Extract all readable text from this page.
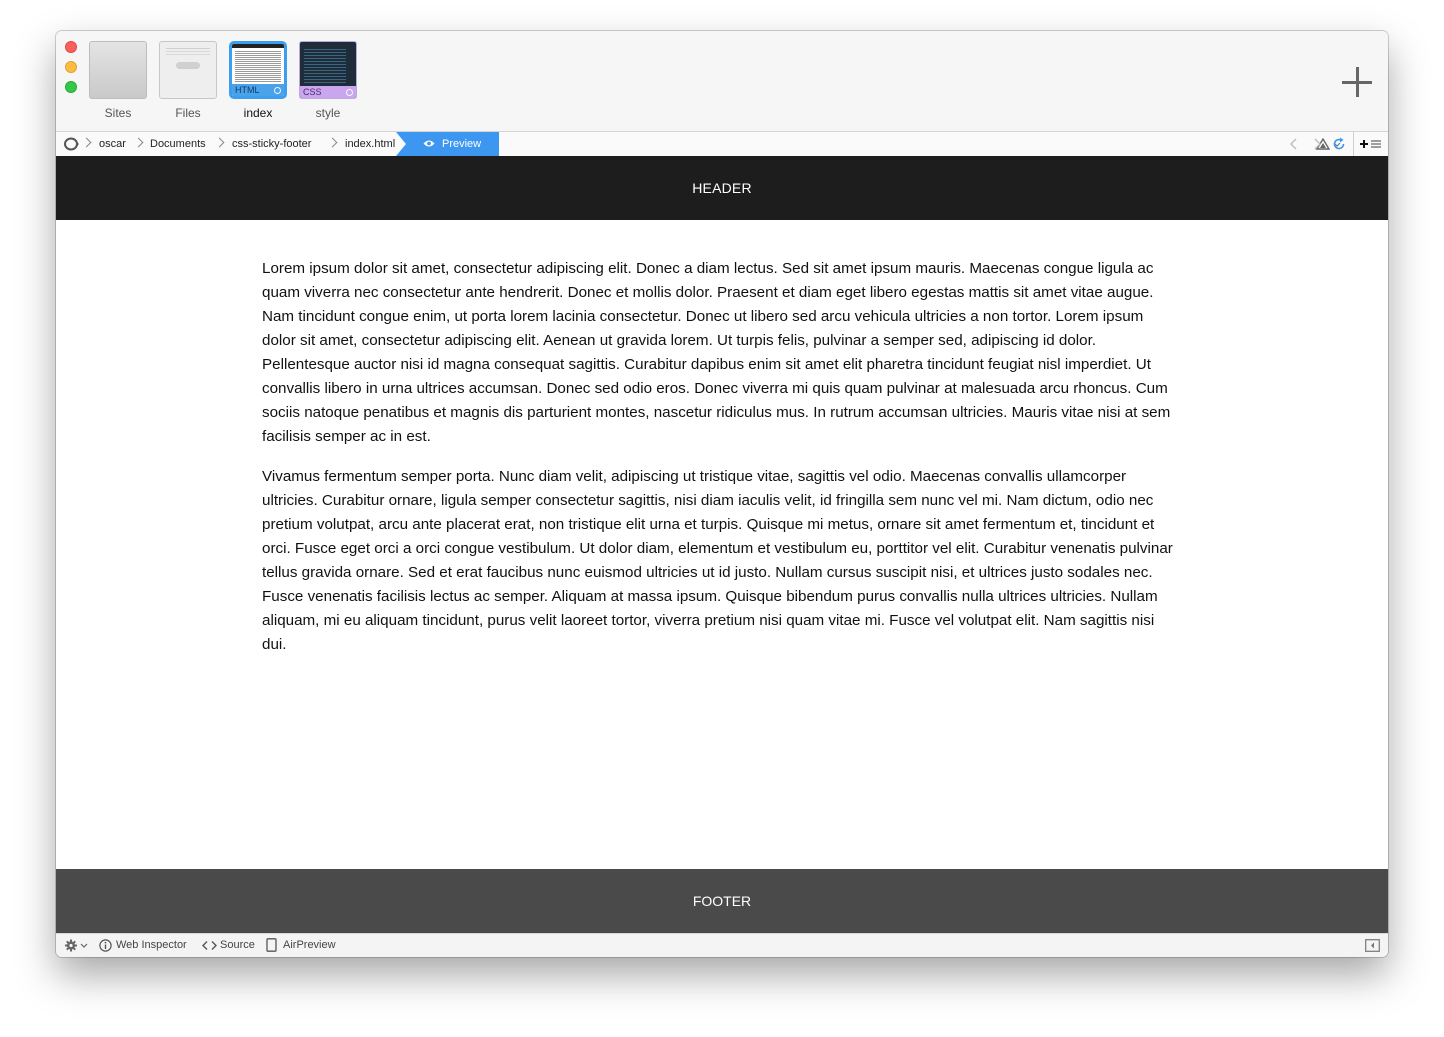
Sites	Files
HTML
index
CSS
style
oscar Documents css-sticky-footer	index.html	Preview
HEADER

Lorem ipsum dolor sit amet, consectetur adipiscing elit. Donec a diam lectus. Sed sit amet ipsum mauris. Maecenas congue ligula ac quam viverra nec consectetur ante hendrerit. Donec et mollis dolor. Praesent et diam eget libero egestas mattis sit amet vitae augue. Nam tincidunt congue enim, ut porta lorem lacinia consectetur. Donec ut libero sed arcu vehicula ultricies a non tortor. Lorem ipsum dolor sit amet, consectetur adipiscing elit. Aenean ut gravida lorem. Ut turpis felis, pulvinar a semper sed, adipiscing id dolor. Pellentesque auctor nisi id magna consequat sagittis. Curabitur dapibus enim sit amet elit pharetra tincidunt feugiat nisl imperdiet. Ut convallis libero in urna ultrices accumsan. Donec sed odio eros. Donec viverra mi quis quam pulvinar at malesuada arcu rhoncus. Cum sociis natoque penatibus et magnis dis parturient montes, nascetur ridiculus mus. In rutrum accumsan ultricies. Mauris vitae nisi at sem facilisis semper ac in est.

Vivamus fermentum semper porta. Nunc diam velit, adipiscing ut tristique vitae, sagittis vel odio. Maecenas convallis ullamcorper ultricies. Curabitur ornare, ligula semper consectetur sagittis, nisi diam iaculis velit, id fringilla sem nunc vel mi. Nam dictum, odio nec pretium volutpat, arcu ante placerat erat, non tristique elit urna et turpis. Quisque mi metus, ornare sit amet fermentum et, tincidunt et orci. Fusce eget orci a orci congue vestibulum. Ut dolor diam, elementum et vestibulum eu, porttitor vel elit. Curabitur venenatis pulvinar tellus gravida ornare. Sed et erat faucibus nunc euismod ultricies ut id justo. Nullam cursus suscipit nisi, et ultrices justo sodales nec. Fusce venenatis facilisis lectus ac semper. Aliquam at massa ipsum. Quisque bibendum purus convallis nulla ultrices ultricies. Nullam aliquam, mi eu aliquam tincidunt, purus velit laoreet tortor, viverra pretium nisi quam vitae mi. Fusce vel volutpat elit. Nam sagittis nisi dui.

FOOTER
Web Inspector	Source	AirPreview
